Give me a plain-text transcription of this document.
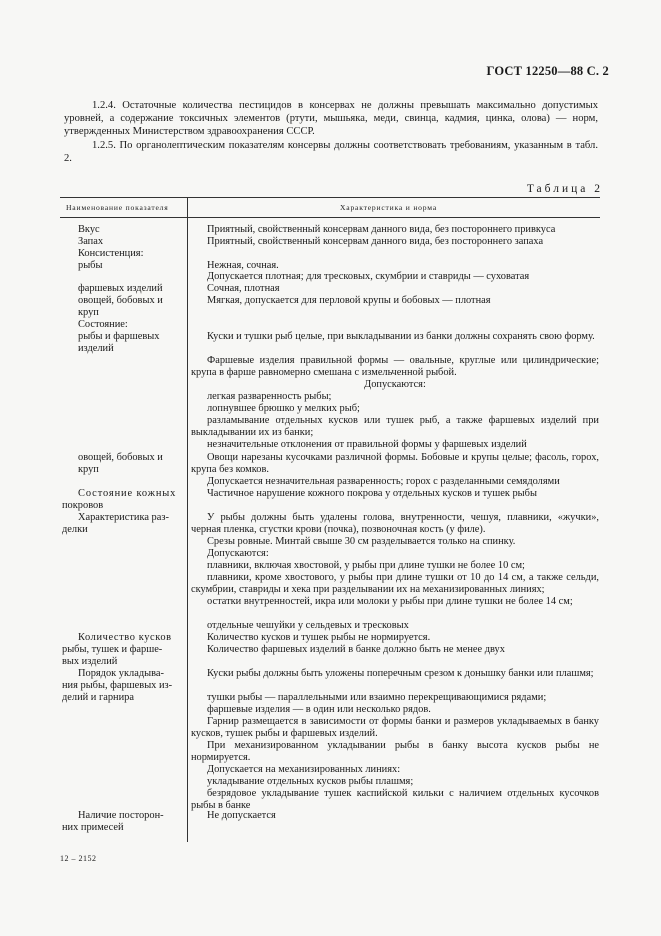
ГОСТ 12250—88 С. 2
1.2.4. Остаточные количества пестицидов в консервах не должны превышать максимально допустимых уровней, а содержание токсичных элементов (ртути, мышьяка, меди, свинца, кадмия, цинка, олова) — норм, утвержденных Министерством здравоохранения СССР.
1.2.5. По органолептическим показателям консервы должны соответствовать требованиям, указанным в табл. 2.
Таблица 2
Наименование показателя	Характеристика и норма
Вкус
Запах
Консистенция:
рыбы
фаршевых изделий
овощей, бобовых и
круп
Состояние:
рыбы и фаршевых
изделий
овощей, бобовых и
круп
Состояние кожных
покровов
Характеристика раз-
делки
Количество кусков
рыбы, тушек и фарше-
вых изделий
Порядок укладыва-
ния рыбы, фаршевых из-
делий и гарнира
Наличие посторон-
них примесей
Приятный, свойственный консервам данного вида, без постороннего привкуса
Приятный, свойственный консервам данного вида, без постороннего запаха
Нежная, сочная.
Допускается плотная; для тресковых, скумбрии и ставриды — суховатая
Сочная, плотная
Мягкая, допускается для перловой крупы и бобовых — плотная
Куски и тушки рыб целые, при выкладывании из банки должны сохранять свою форму.
Фаршевые изделия правильной формы — овальные, круглые или цилиндрические; крупа в фарше равномерно смешана с измельченной рыбой.
Допускаются:
легкая разваренность рыбы;
лопнувшее брюшко у мелких рыб;
разламывание отдельных кусков или тушек рыб, а также фаршевых изделий при выкладывании их из банки;
незначительные отклонения от правильной формы у фаршевых изделий
Овощи нарезаны кусочками различной формы. Бобовые и крупы целые; фасоль, горох, крупа без комков.
Допускается незначительная разваренность; горох с разделанными семядолями
Частичное нарушение кожного покрова у отдельных кусков и тушек рыбы
У рыбы должны быть удалены голова, внутренности, чешуя, плавники, «жучки», черная пленка, сгустки крови (почка), позвоночная кость (у филе).
Срезы ровные. Минтай свыше 30 см разделывается только на спинку.
Допускаются:
плавники, включая хвостовой, у рыбы при длине тушки не более 10 см;
плавники, кроме хвостового, у рыбы при длине тушки от 10 до 14 см, а также сельди, скумбрии, ставриды и хека при разделывании их на механизированных линиях;
остатки внутренностей, икра или молоки у рыбы при длине тушки не более 14 см;
отдельные чешуйки у сельдевых и тресковых
Количество кусков и тушек рыбы не нормируется.
Количество фаршевых изделий в банке должно быть не менее двух
Куски рыбы должны быть уложены поперечным срезом к донышку банки или плашмя;
тушки рыбы — параллельными или взаимно перекрещивающимися рядами;
фаршевые изделия — в один или несколько рядов.
Гарнир размещается в зависимости от формы банки и размеров укладываемых в банку кусков, тушек рыбы и фаршевых изделий.
При механизированном укладывании рыбы в банку высота кусков рыбы не нормируется.
Допускается на механизированных линиях:
укладывание отдельных кусков рыбы плашмя;
безрядовое укладывание тушек каспийской кильки с наличием отдельных кусочков рыбы в банке
Не допускается
12 – 2152
